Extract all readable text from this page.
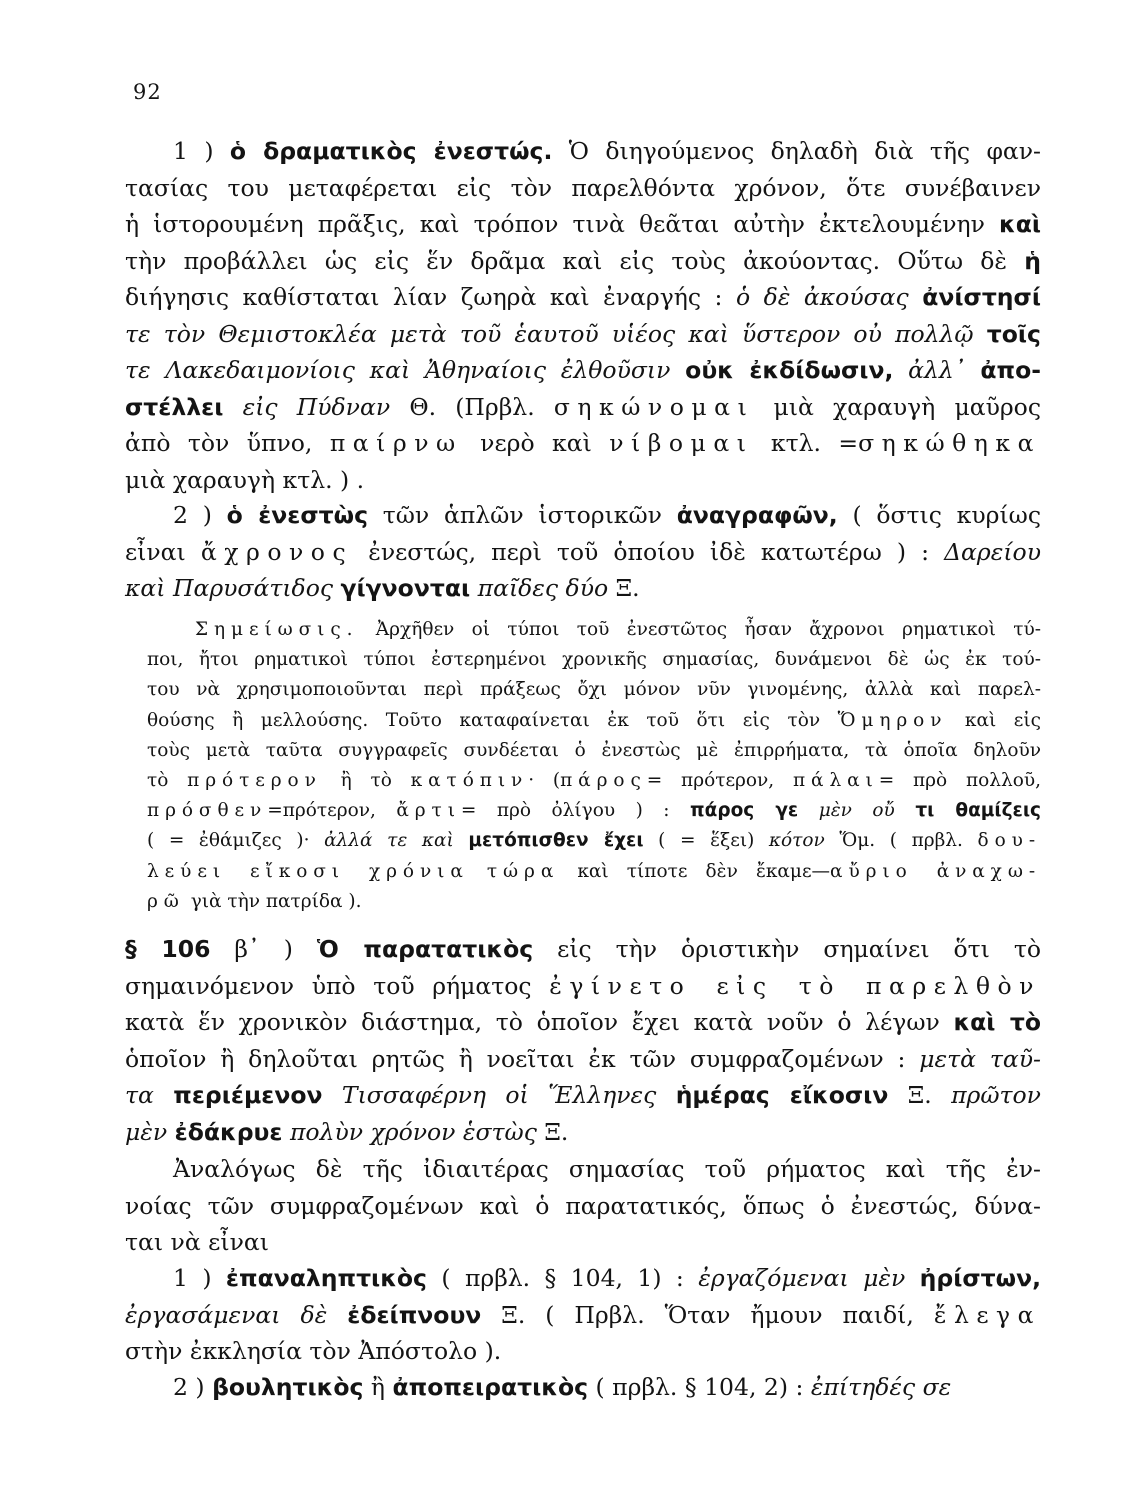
92
1 ) ὁ δραματικὸς ἐνεστώς. Ὁ διηγούμενος δηλαδὴ διὰ τῆς φαν-
τασίας του μεταφέρεται εἰς τὸν παρελθόντα χρόνον, ὅτε συνέβαινεν
ἡ ἱστορουμένη πρᾶξις, καὶ τρόπον τινὰ θεᾶται αὐτὴν ἐκτελουμένην καὶ
τὴν προβάλλει ὡς εἰς ἕν δρᾶμα καὶ εἰς τοὺς ἀκούοντας. Οὕτω δὲ ἡ
διήγησις καθίσταται λίαν ζωηρὰ καὶ ἐναργής : ὁ δὲ ἀκούσας ἀνίστησί
τε τὸν Θεμιστοκλέα μετὰ τοῦ ἑαυτοῦ υἱέος καὶ ὕστερον οὐ πολλῷ τοῖς
τε Λακεδαιμονίοις καὶ Ἀθηναίοις ἐλθοῦσιν οὐκ ἐκδίδωσιν, ἀλλ᾽ ἀπο-
στέλλει εἰς Πύδναν Θ. (Πρβλ. σηκώνομαι μιὰ χαραυγὴ μαῦρος
ἀπὸ τὸν ὕπνο, παίρνω νερὸ καὶ νίβομαι κτλ. =σηκώθηκα
μιὰ χαραυγὴ κτλ. ) .
2 ) ὁ ἐνεστὼς τῶν ἁπλῶν ἱστορικῶν ἀναγραφῶν, ( ὅστις κυρίως
εἶναι ἄχρονος ἐνεστώς, περὶ τοῦ ὁποίου ἰδὲ κατωτέρω ) : Δαρείου
καὶ Παρυσάτιδος γίγνονται παῖδες δύο Ξ.
Σημείωσις. Ἀρχῆθεν οἱ τύποι τοῦ ἐνεστῶτος ἦσαν ἄχρονοι ρηματικοὶ τύ-
ποι, ἤτοι ρηματικοὶ τύποι ἐστερημένοι χρονικῆς σημασίας, δυνάμενοι δὲ ὡς ἐκ τού-
του νὰ χρησιμοποιοῦνται περὶ πράξεως ὄχι μόνον νῦν γινομένης, ἀλλὰ καὶ παρελ-
θούσης ἢ μελλούσης. Τοῦτο καταφαίνεται ἐκ τοῦ ὅτι εἰς τὸν Ὅμηρον καὶ εἰς
τοὺς μετὰ ταῦτα συγγραφεῖς συνδέεται ὁ ἐνεστὼς μὲ ἐπιρρήματα, τὰ ὁποῖα δηλοῦν
τὸ πρότερον ἢ τὸ κατόπιν· (πάρος= πρότερον, πάλαι= πρὸ πολλοῦ,
πρόσθεν=πρότερον, ἄρτι= πρὸ ὀλίγου ) : πάρος γε μὲν οὔ τι θαμίζεις
( = ἐθάμιζες )· ἀλλά τε καὶ μετόπισθεν ἔχει ( = ἕξει) κότον Ὅμ. ( πρβλ. δου-
λεύει εἴκοσι χρόνια τώρα καὶ τίποτε δὲν ἔκαμε—αὔριο ἀναχω-
ρῶ γιὰ τὴν πατρίδα ).
§ 106 β᾽ ) Ὁ παρατατικὸς εἰς τὴν ὁριστικὴν σημαίνει ὅτι τὸ
σημαινόμενον ὑπὸ τοῦ ρήματος ἐγίνετο εἰς τὸ παρελθὸν
κατὰ ἕν χρονικὸν διάστημα, τὸ ὁποῖον ἔχει κατὰ νοῦν ὁ λέγων καὶ τὸ
ὁποῖον ἢ δηλοῦται ρητῶς ἢ νοεῖται ἐκ τῶν συμφραζομένων : μετὰ ταῦ-
τα περιέμενον Τισσαφέρνη οἱ Ἕλληνες ἡμέρας εἴκοσιν Ξ. πρῶτον
μὲν ἐδάκρυε πολὺν χρόνον ἑστὼς Ξ.
Ἀναλόγως δὲ τῆς ἰδιαιτέρας σημασίας τοῦ ρήματος καὶ τῆς ἐν-
νοίας τῶν συμφραζομένων καὶ ὁ παρατατικός, ὅπως ὁ ἐνεστώς, δύνα-
ται νὰ εἶναι
1 ) ἐπαναληπτικὸς ( πρβλ. § 104, 1) : ἐργαζόμεναι μὲν ἠρίστων,
ἐργασάμεναι δὲ ἐδείπνουν Ξ. ( Πρβλ. Ὅταν ἤμουν παιδί, ἔλεγα
στὴν ἐκκλησία τὸν Ἀπόστολο ).
2 ) βουλητικὸς ἢ ἀποπειρατικὸς ( πρβλ. § 104, 2) : ἐπίτηδές σε
